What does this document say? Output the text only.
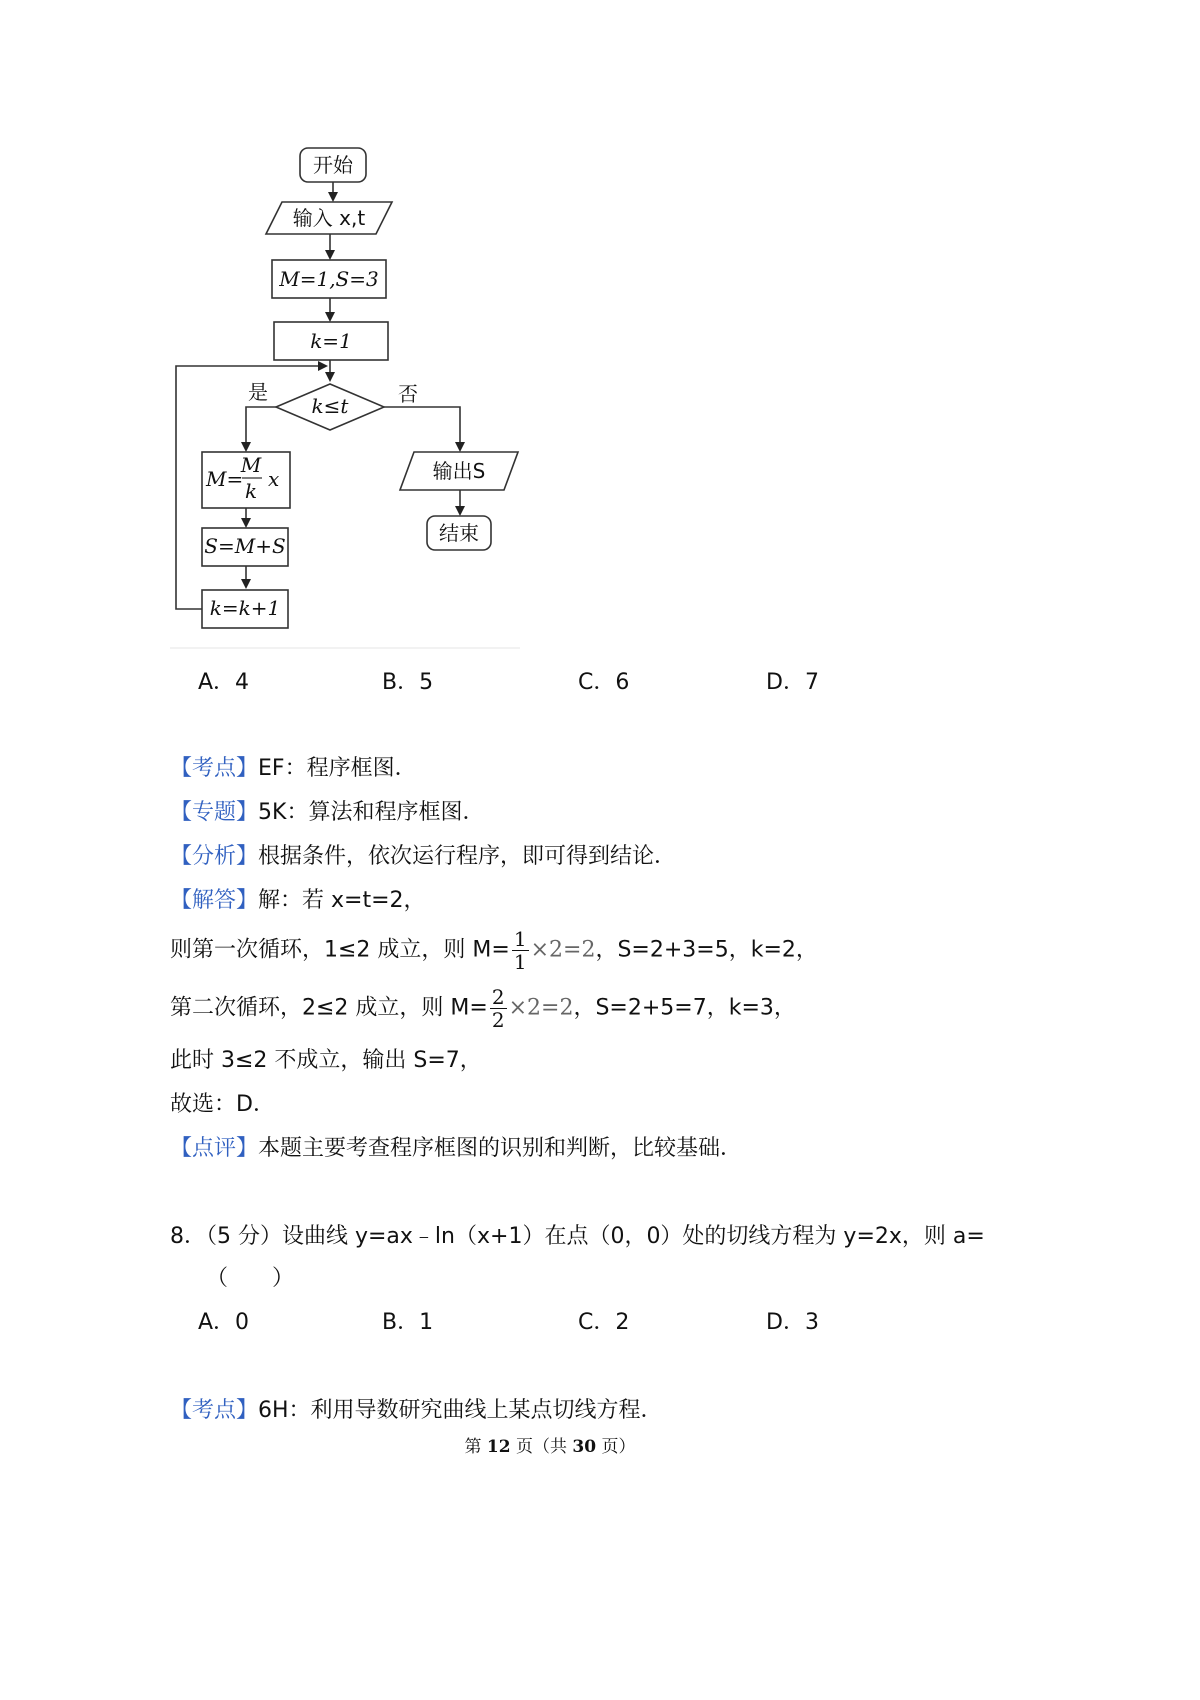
开始
输入 x,t
M=1,S=3
k=1
k≤t
是	否
M=
M
k x
S=M+S
k=k+1
输出S
结束
A．4	B．5	C．6	D．7
【考点】EF：程序框图．
【专题】5K：算法和程序框图．
【分析】根据条件，依次运行程序，即可得到结论．
【解答】解：若 x=t=2，
则第一次循环，1≤2 成立，则 $M= \frac{1}{1} \times 2=2$，S=2+3=5，k=2，
第二次循环，2≤2 成立，则 $M= \frac{2}{2} \times 2=2$，S=2+5=7，k=3，
此时 3≤2 不成立，输出 S=7，
故选：D．
【点评】本题主要考查程序框图的识别和判断，比较基础．
8．（5 分）设曲线 y=ax﹣ln（x+1）在点（0，0）处的切线方程为 y=2x，则 a=
（　　）
A．0	B．1	C．2	D．3
【考点】6H：利用导数研究曲线上某点切线方程．
第 12 页（共 30 页）
